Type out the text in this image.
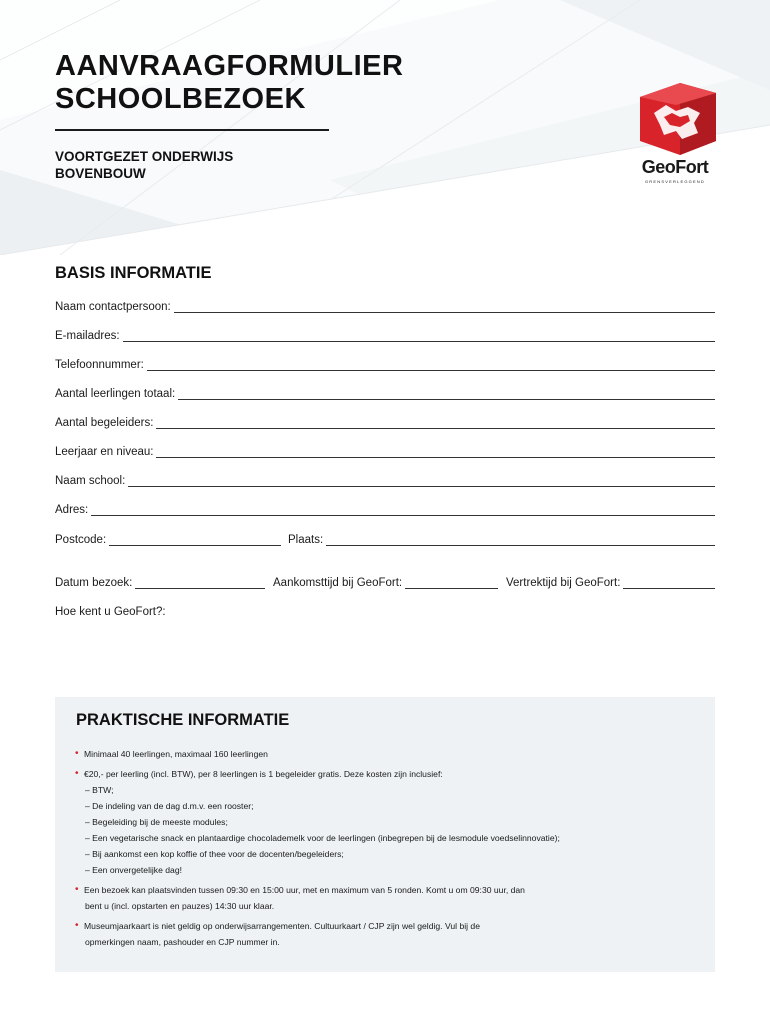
AANVRAAGFORMULIER
SCHOOLBEZOEK
VOORTGEZET ONDERWIJS
BOVENBOUW	GeoFort
GRENSVERLEGGEND
BASIS INFORMATIE
Naam contactpersoon:
E-mailadres:
Telefoonnummer:
Aantal leerlingen totaal:
Aantal begeleiders:
Leerjaar en niveau:
Naam school:
Adres:
Postcode:	Plaats:
Datum bezoek:	Aankomsttijd bij GeoFort:	Vertrektijd bij GeoFort:
Hoe kent u GeoFort?:
PRAKTISCHE INFORMATIE
• Minimaal 40 leerlingen, maximaal 160 leerlingen
• €20,- per leerling (incl. BTW), per 8 leerlingen is 1 begeleider gratis. Deze kosten zijn inclusief:
– BTW;
– De indeling van de dag d.m.v. een rooster;
– Begeleiding bij de meeste modules;
– Een vegetarische snack en plantaardige chocolademelk voor de leerlingen (inbegrepen bij de lesmodule voedselinnovatie);
– Bij aankomst een kop koffie of thee voor de docenten/begeleiders;
– Een onvergetelijke dag!
• Een bezoek kan plaatsvinden tussen 09:30 en 15:00 uur, met en maximum van 5 ronden. Komt u om 09:30 uur, dan
bent u (incl. opstarten en pauzes) 14:30 uur klaar.
• Museumjaarkaart is niet geldig op onderwijsarrangementen. Cultuurkaart / CJP zijn wel geldig. Vul bij de
opmerkingen naam, pashouder en CJP nummer in.
